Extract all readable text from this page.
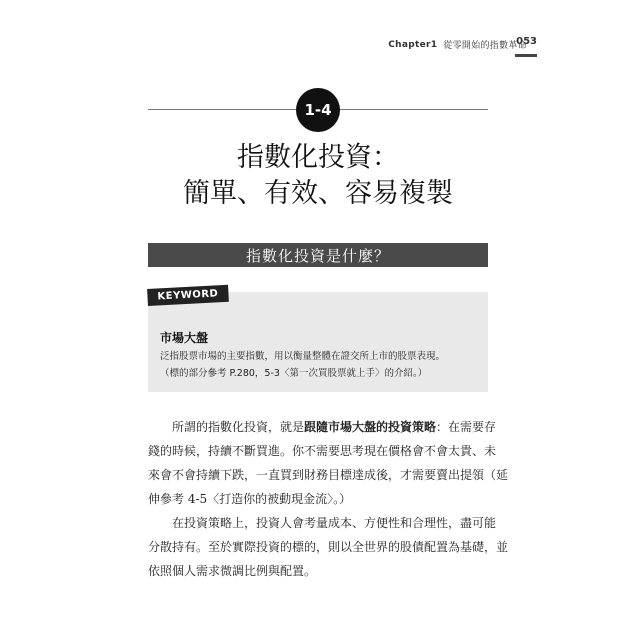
Chapter1 從零開始的指數革命
053
1-4
指數化投資：
簡單、有效、容易複製
指數化投資是什麼？
KEYWORD
市場大盤
泛指股票市場的主要指數，用以衡量整體在證交所上市的股票表現。
（標的部分參考 P.280，5-3〈第一次買股票就上手〉的介紹。）

所謂的指數化投資，就是跟隨市場大盤的投資策略：在需要存
錢的時候，持續不斷買進。你不需要思考現在價格會不會太貴、未
來會不會持續下跌，一直買到財務目標達成後，才需要賣出提領（延
伸參考 4-5〈打造你的被動現金流〉。）

在投資策略上，投資人會考量成本、方便性和合理性，盡可能
分散持有。至於實際投資的標的，則以全世界的股債配置為基礎，並
依照個人需求微調比例與配置。
